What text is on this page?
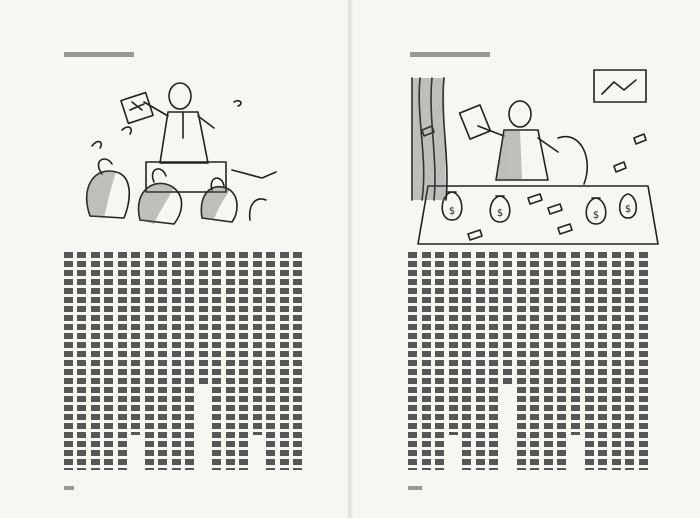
$	$	$
$
